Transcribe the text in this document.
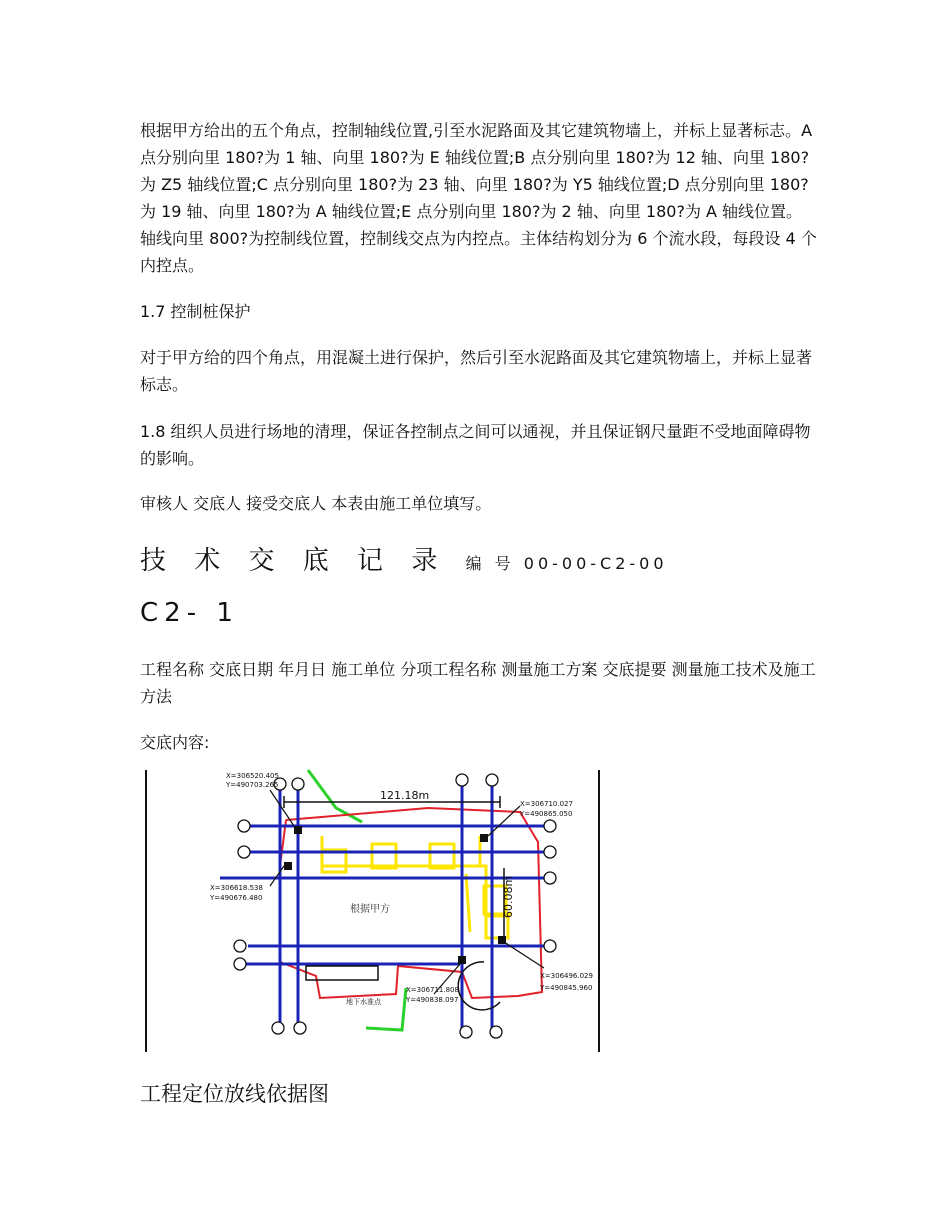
根据甲方给出的五个角点，控制轴线位置,引至水泥路面及其它建筑物墙上，并标上显著标志。A 点分别向里 180?为 1 轴、向里 180?为 E 轴线位置;B 点分别向里 180?为 12 轴、向里 180?为 Z5 轴线位置;C 点分别向里 180?为 23 轴、向里 180?为 Y5 轴线位置;D 点分别向里 180?为 19 轴、向里 180?为 A 轴线位置;E 点分别向里 180?为 2 轴、向里 180?为 A 轴线位置。 轴线向里 800?为控制线位置，控制线交点为内控点。主体结构划分为 6 个流水段，每段设 4 个内控点。

1.7 控制桩保护

对于甲方给的四个角点，用混凝土进行保护，然后引至水泥路面及其它建筑物墙上，并标上显著标志。

1.8 组织人员进行场地的清理，保证各控制点之间可以通视，并且保证钢尺量距不受地面障碍物的影响。

审核人 交底人 接受交底人 本表由施工单位填写。

技 术 交 底 记 录 编 号 00-00-C2-00

C2- 1

工程名称 交底日期 年月日 施工单位 分项工程名称 测量施工方案 交底提要 测量施工技术及施工方法

交底内容:

121.18m
60.08m
根据甲方
X=306520.405
Y=490703.265
X=306710.027
Y=490865.050
X=306618.538
Y=490676.480
X=306711.808
Y=490838.097
X=306496.029
Y=490845.960
地下水准点

工程定位放线依据图
